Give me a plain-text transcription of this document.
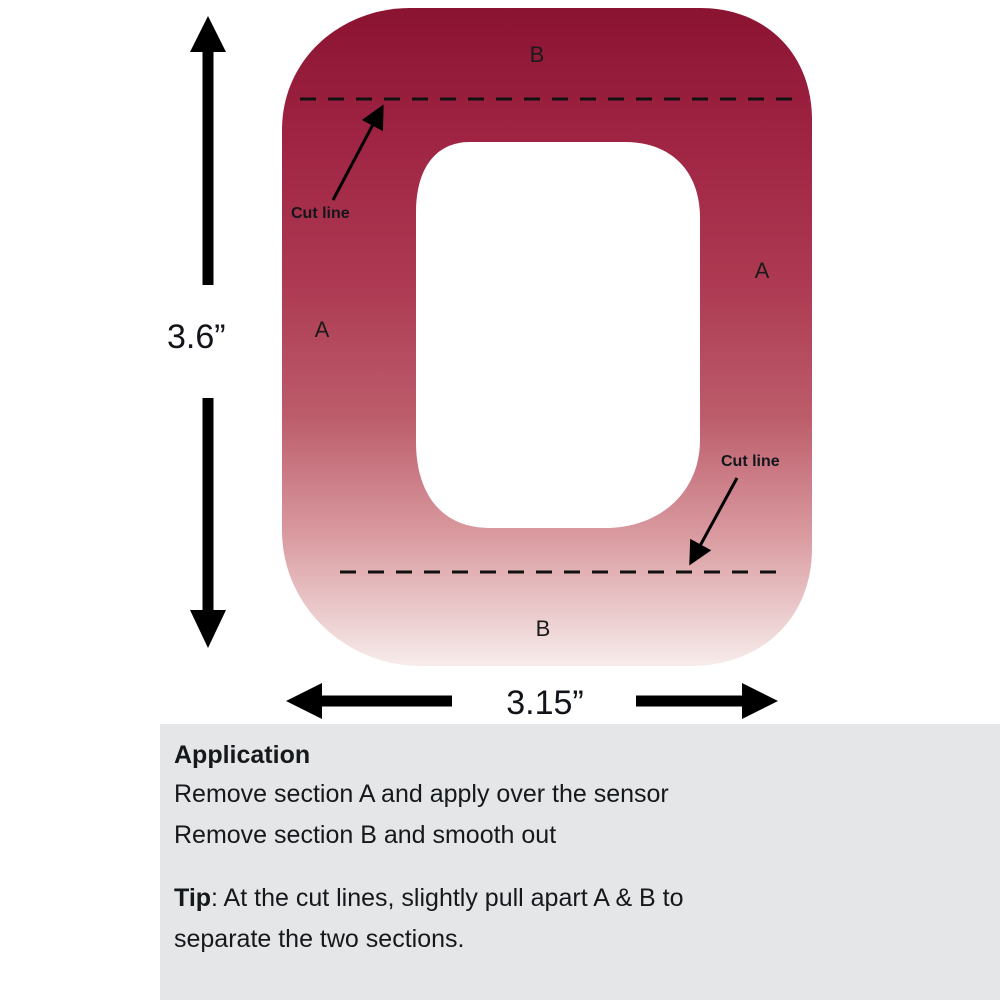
Cut line
Cut line
B
B
A
A
3.6”
3.15”
Application
Remove section A and apply over the sensor
Remove section B and smooth out
Tip: At the cut lines, slightly pull apart A & B to
separate the two sections.
